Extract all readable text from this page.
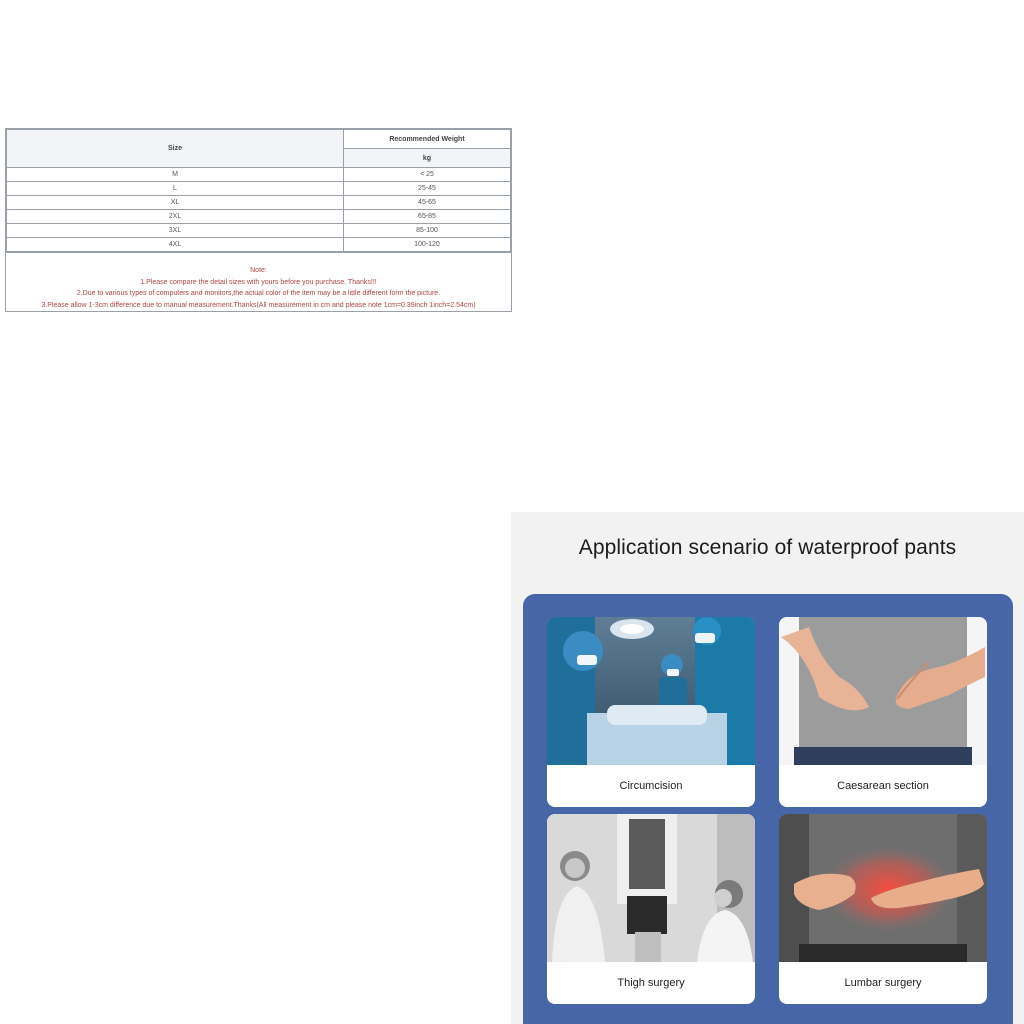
Size	Recommended Weight
	kg
M	< 25
L	25-45
XL	45-65
2XL	65-85
3XL	85-100
4XL	100-120
Note:
1.Please compare the detail sizes with yours before you purchase. Thanks!!!
2.Due to various types of computers and monitors,the actual color of the item may be a little different form the picture.
3.Please allow 1-3cm difference due to manual measurement.Thanks(All measurement in cm and please note 1cm=0.39inch 1inch=2.54cm)
Application scenario of waterproof pants
Circumcision	Caesarean section
Thigh surgery	Lumbar surgery
